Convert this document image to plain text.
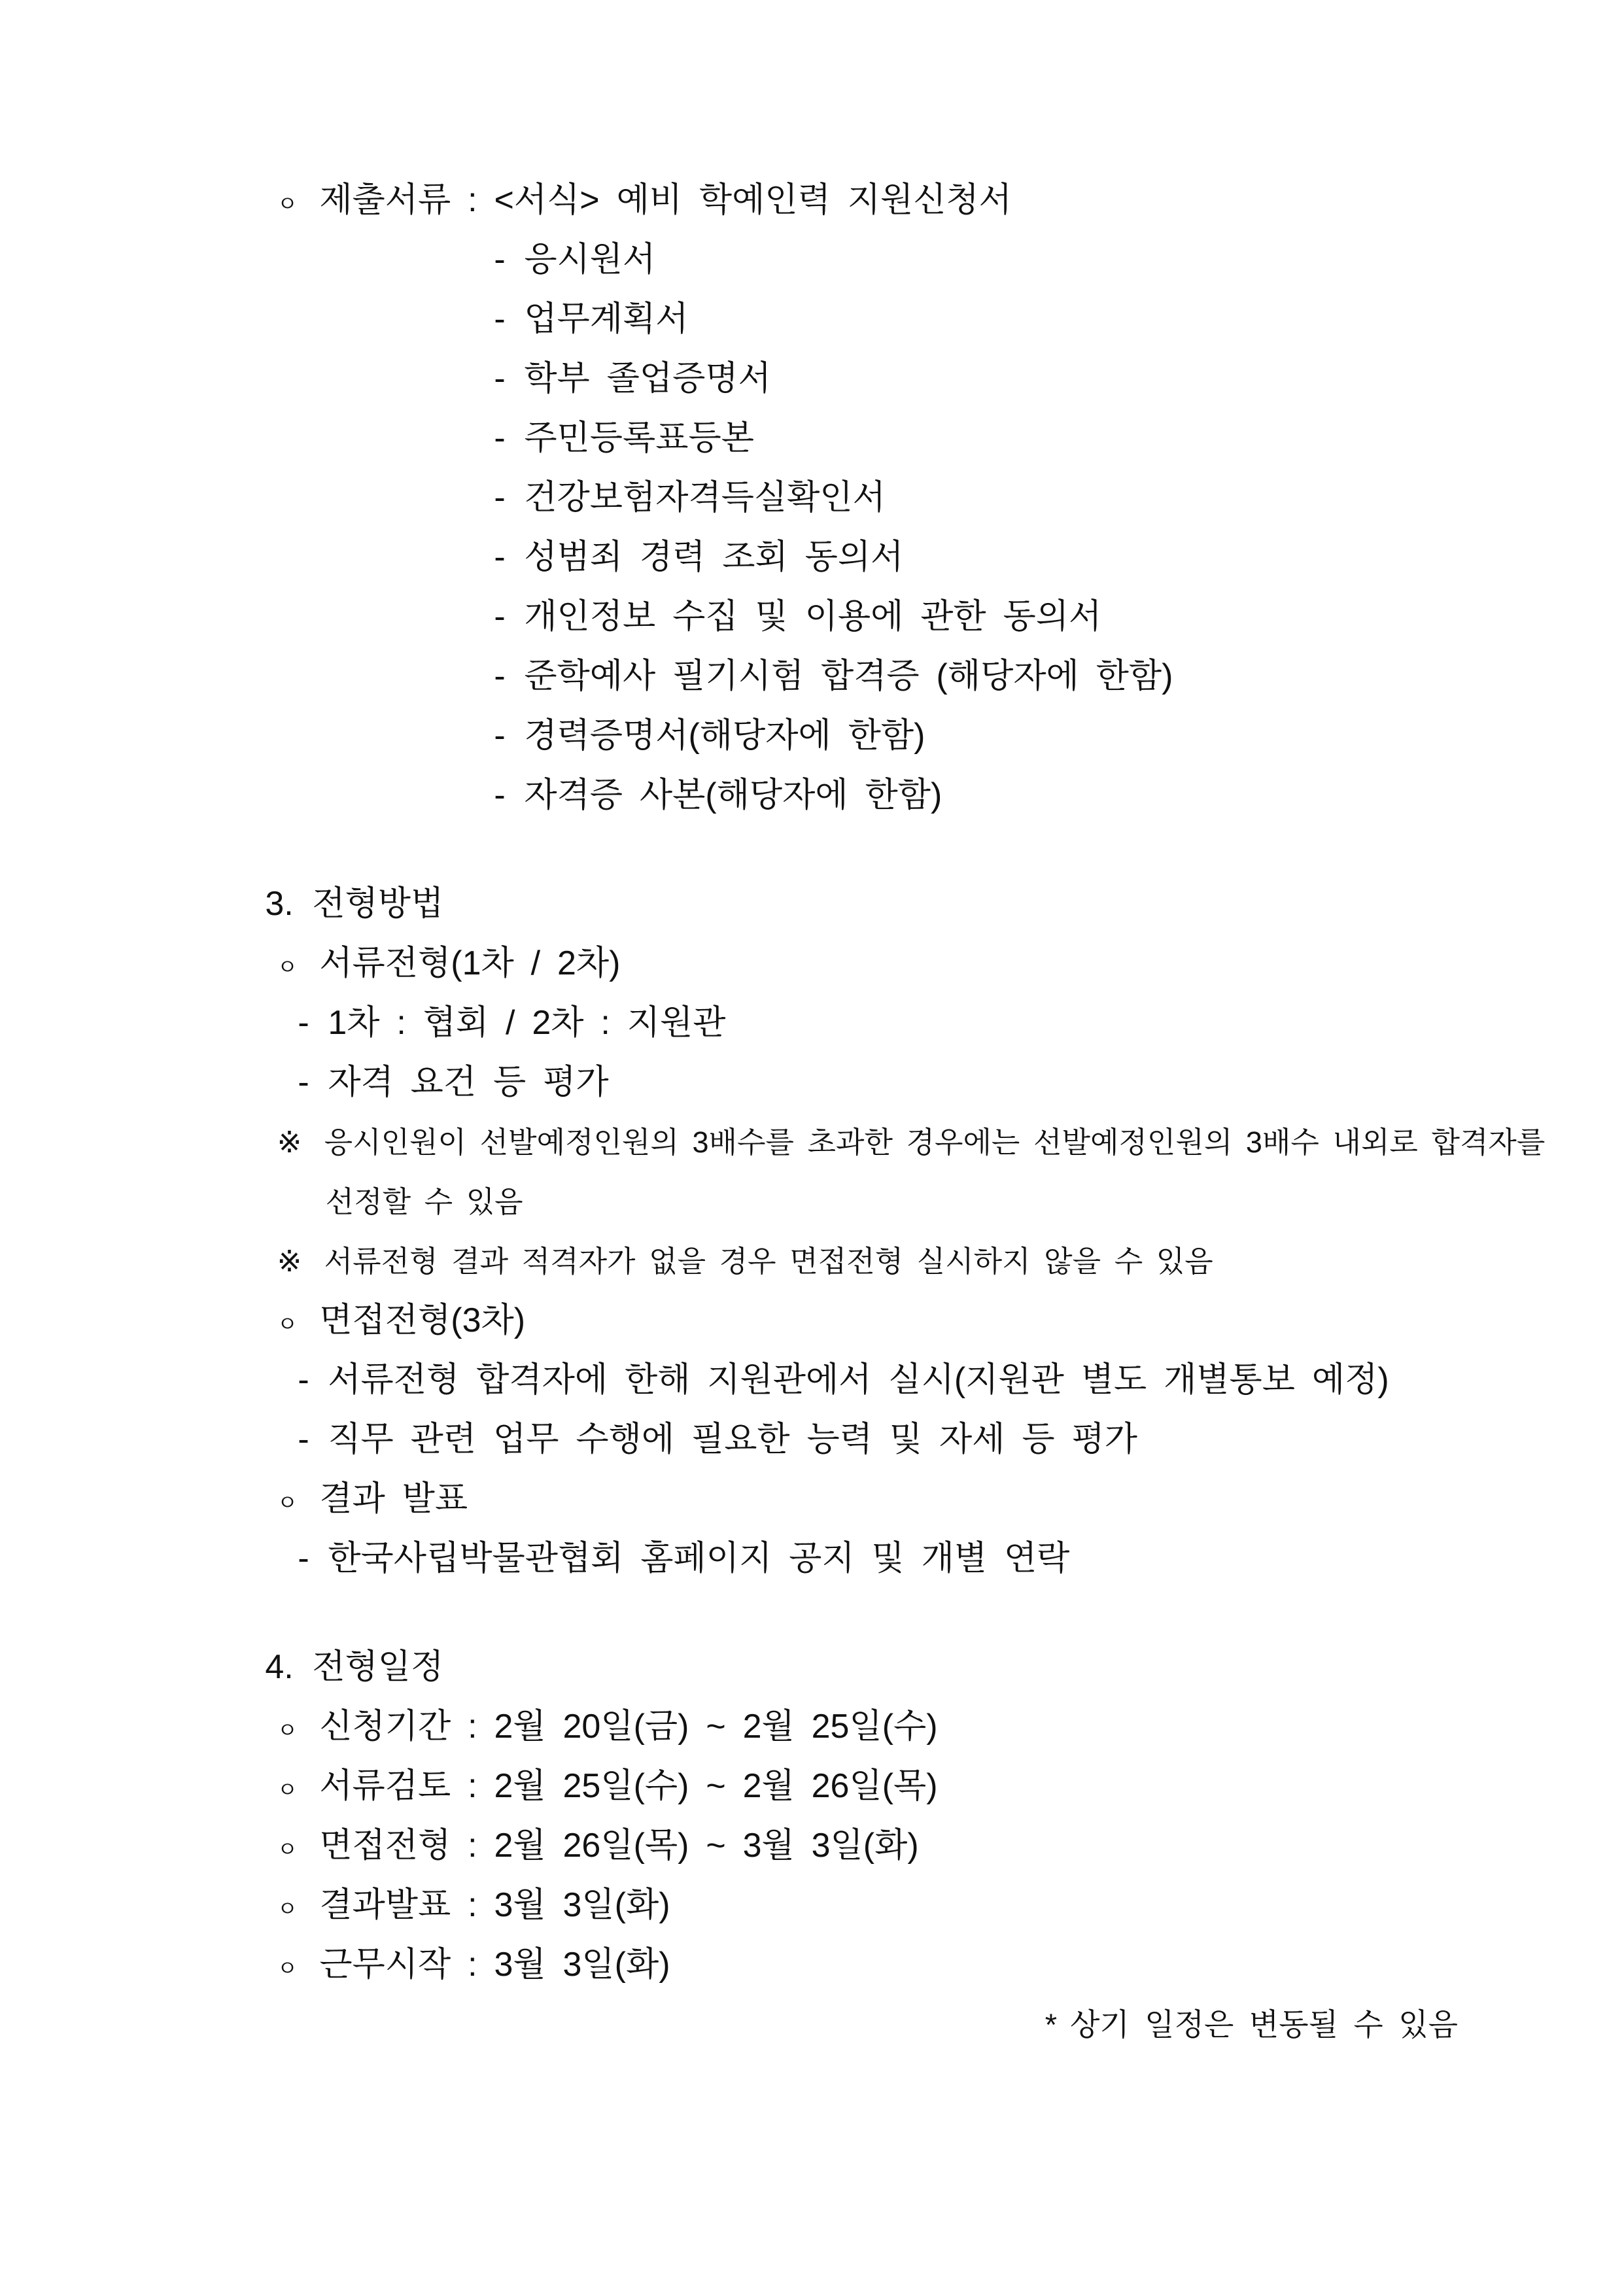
ㅇ 제출서류 : <서식> 예비 학예인력 지원신청서

- 응시원서

- 업무계획서

- 학부 졸업증명서

- 주민등록표등본

- 건강보험자격득실확인서

- 성범죄 경력 조회 동의서

- 개인정보 수집 및 이용에 관한 동의서

- 준학예사 필기시험 합격증 (해당자에 한함)

- 경력증명서(해당자에 한함)

- 자격증 사본(해당자에 한함)

3. 전형방법

ㅇ 서류전형(1차 / 2차)

- 1차 : 협회 / 2차 : 지원관

- 자격 요건 등 평가

※ 응시인원이 선발예정인원의 3배수를 초과한 경우에는 선발예정인원의 3배수 내외로 합격자를

선정할 수 있음

※ 서류전형 결과 적격자가 없을 경우 면접전형 실시하지 않을 수 있음

ㅇ 면접전형(3차)

- 서류전형 합격자에 한해 지원관에서 실시(지원관 별도 개별통보 예정)

- 직무 관련 업무 수행에 필요한 능력 및 자세 등 평가

ㅇ 결과 발표

- 한국사립박물관협회 홈페이지 공지 및 개별 연락

4. 전형일정

ㅇ 신청기간 : 2월 20일(금) ~ 2월 25일(수)

ㅇ 서류검토 : 2월 25일(수) ~ 2월 26일(목)

ㅇ 면접전형 : 2월 26일(목) ~ 3월 3일(화)

ㅇ 결과발표 : 3월 3일(화)

ㅇ 근무시작 : 3월 3일(화)

* 상기 일정은 변동될 수 있음
